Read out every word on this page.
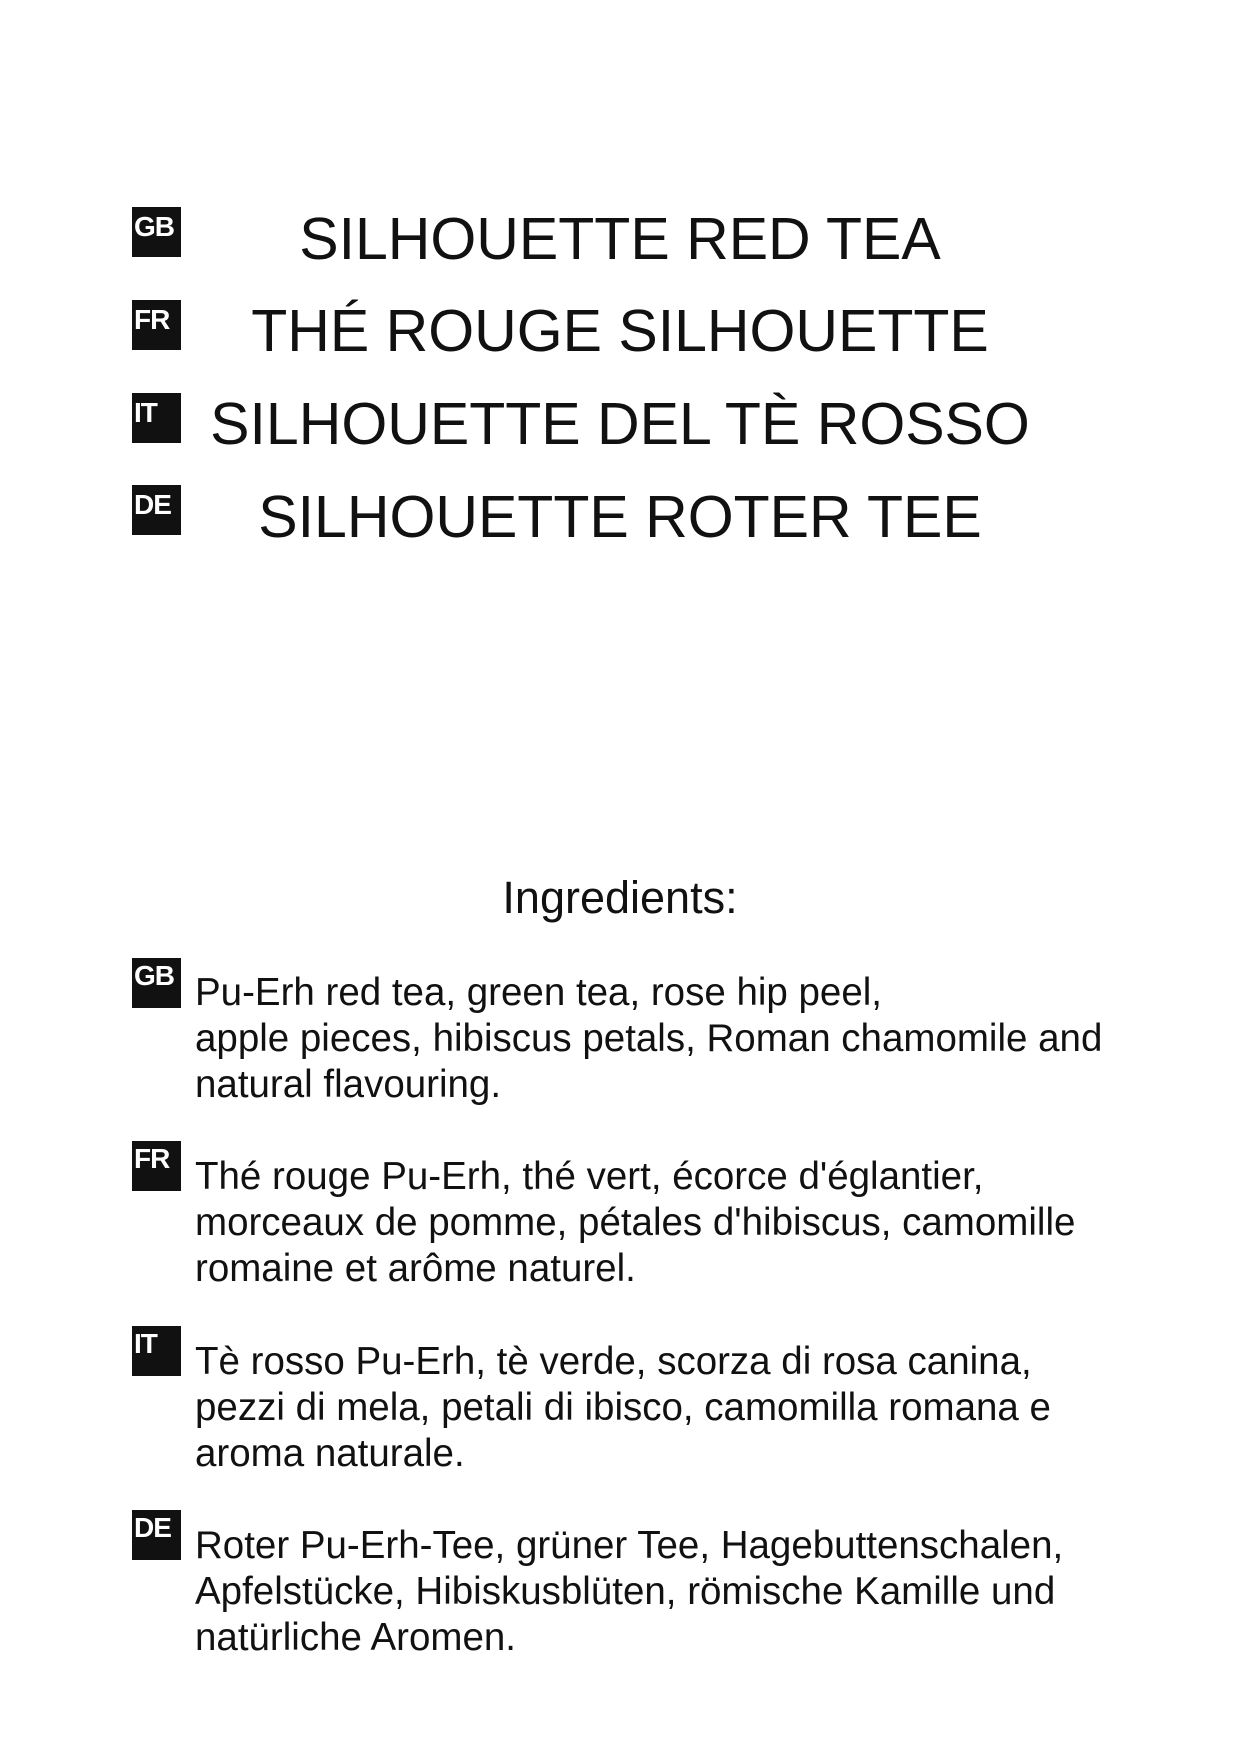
GB	SILHOUETTE RED TEA
FR	THÉ ROUGE SILHOUETTE
IT SILHOUETTE DEL TÈ ROSSO
DE	SILHOUETTE ROTER TEE
Ingredients:
GB Pu-Erh red tea, green tea, rose hip peel,
apple pieces, hibiscus petals, Roman chamomile and
natural flavouring.
FR Thé rouge Pu-Erh, thé vert, écorce d'églantier,
morceaux de pomme, pétales d'hibiscus, camomille
romaine et arôme naturel.
IT Tè rosso Pu-Erh, tè verde, scorza di rosa canina,
pezzi di mela, petali di ibisco, camomilla romana e
aroma naturale.
DE Roter Pu-Erh-Tee, grüner Tee, Hagebuttenschalen,
Apfelstücke, Hibiskusblüten, römische Kamille und
natürliche Aromen.
